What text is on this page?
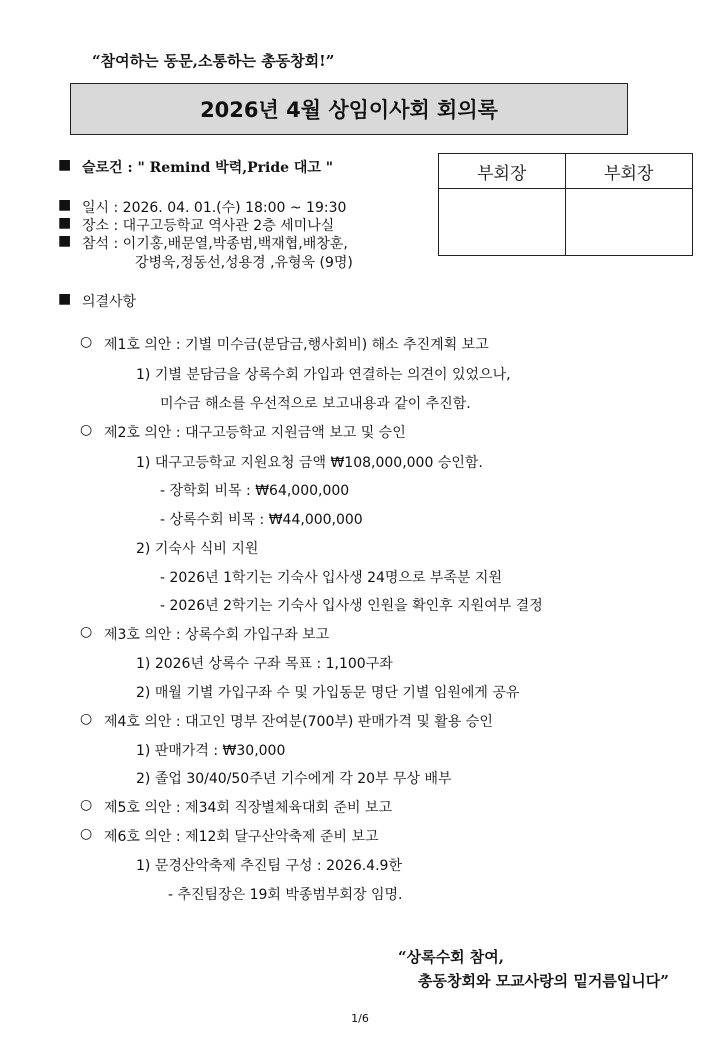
“참여하는 동문,소통하는 총동창회!”
2026년 4월 상임이사회 회의록
부회장	부회장
■ 슬로건 : " Remind 박력,Pride 대고 "
■ 일시 : 2026. 04. 01.(수) 18:00 ~ 19:30
■ 장소 : 대구고등학교 역사관 2층 세미나실
■ 참석 : 이기홍,배문열,박종범,백재협,배창훈,
강병욱,정동선,성용경 ,유형욱 (9명)
■ 의결사항
○ 제1호 의안 : 기별 미수금(분담금,행사회비) 해소 추진계획 보고
1) 기별 분담금을 상록수회 가입과 연결하는 의견이 있었으나,
미수금 해소를 우선적으로 보고내용과 같이 추진함.
○ 제2호 의안 : 대구고등학교 지원금액 보고 및 승인
1) 대구고등학교 지원요청 금액 ₩108,000,000 승인함.
- 장학회 비목 : ₩64,000,000
- 상록수회 비목 : ₩44,000,000
2) 기숙사 식비 지원
- 2026년 1학기는 기숙사 입사생 24명으로 부족분 지원
- 2026년 2학기는 기숙사 입사생 인원을 확인후 지원여부 결정
○ 제3호 의안 : 상록수회 가입구좌 보고
1) 2026년 상록수 구좌 목표 : 1,100구좌
2) 매월 기별 가입구좌 수 및 가입동문 명단 기별 임원에게 공유
○ 제4호 의안 : 대고인 명부 잔여분(700부) 판매가격 및 활용 승인
1) 판매가격 : ₩30,000
2) 졸업 30/40/50주년 기수에게 각 20부 무상 배부
○ 제5호 의안 : 제34회 직장별체육대회 준비 보고
○ 제6호 의안 : 제12회 달구산악축제 준비 보고
1) 문경산악축제 추진팀 구성 : 2026.4.9한
- 추진팀장은 19회 박종범부회장 임명.
“상록수회 참여,
총동창회와 모교사랑의 밑거름입니다”
1/6
